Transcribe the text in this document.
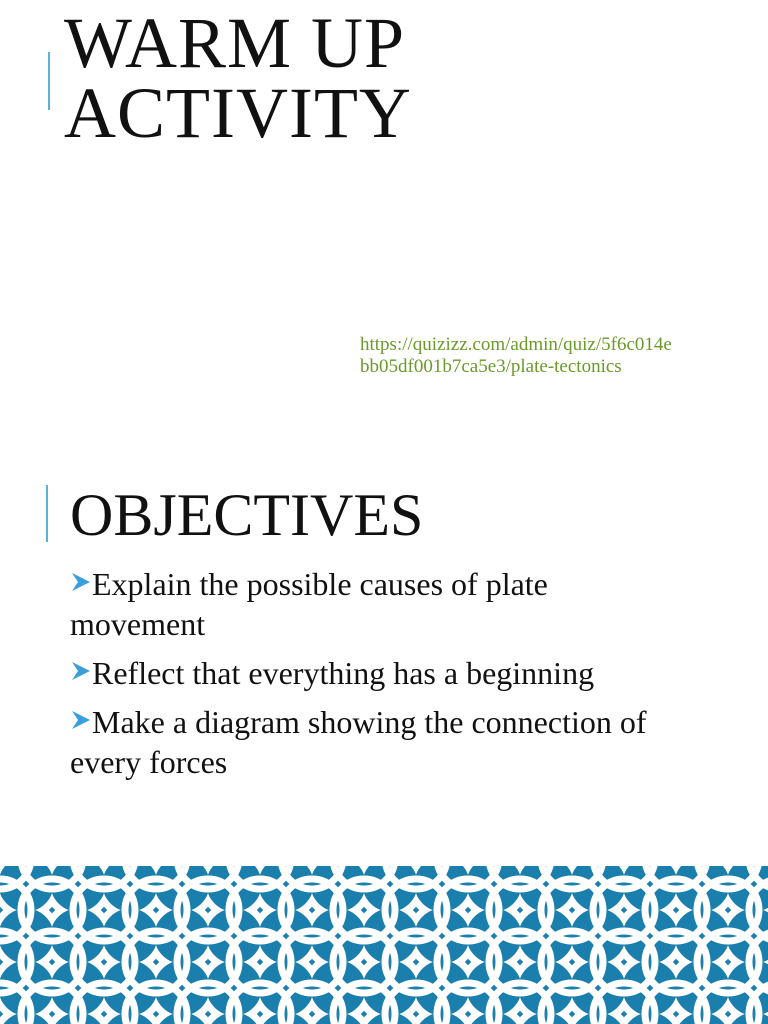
WARM UP
ACTIVITY
https://quizizz.com/admin/quiz/5f6c014e
bb05df001b7ca5e3/plate-tectonics
OBJECTIVES
Explain the possible causes of plate movement
Reflect that everything has a beginning
Make a diagram showing the connection of every forces
